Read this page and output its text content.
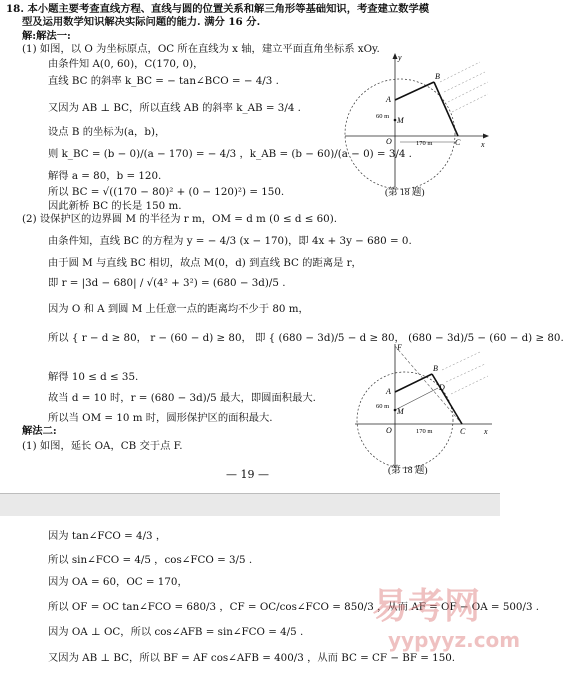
18. 本小题主要考查直线方程、直线与圆的位置关系和解三角形等基础知识，考查建立数学模
型及运用数学知识解决实际问题的能力. 满分 16 分.
解:解法一:
(1) 如图，以 O 为坐标原点，OC 所在直线为 x 轴，建立平面直角坐标系 xOy.
由条件知 A(0, 60)，C(170, 0)，
直线 BC 的斜率 k_BC = − tan∠BCO = − 4/3 .
又因为 AB ⊥ BC，所以直线 AB 的斜率 k_AB = 3/4 .
设点 B 的坐标为(a，b)，
则 k_BC = (b − 0)/(a − 170) = − 4/3 ，k_AB = (b − 60)/(a − 0) = 3/4 .
解得 a = 80，b = 120.
所以 BC = √((170 − 80)² + (0 − 120)²) = 150.
因此新桥 BC 的长是 150 m.
(2) 设保护区的边界圆 M 的半径为 r m，OM = d m (0 ≤ d ≤ 60).
由条件知，直线 BC 的方程为 y = − 4/3 (x − 170)，即 4x + 3y − 680 = 0.
由于圆 M 与直线 BC 相切，故点 M(0，d) 到直线 BC 的距离是 r，
即 r = |3d − 680| / √(4² + 3²) = (680 − 3d)/5 .
因为 O 和 A 到圆 M 上任意一点的距离均不少于 80 m，
所以 { r − d ≥ 80， r − (60 − d) ≥ 80， 即 { (680 − 3d)/5 − d ≥ 80， (680 − 3d)/5 − (60 − d) ≥ 80.
解得 10 ≤ d ≤ 35.
故当 d = 10 时，r = (680 − 3d)/5 最大，即圆面积最大.
所以当 OM = 10 m 时，圆形保护区的面积最大.
解法二:
(1) 如图，延长 OA，CB 交于点 F.
— 19 —
y
B
A
60 m M
O	170 m	C	x
(第 18 题)
F
B
A
60 m
M
D
O	170 m	C x
(第 18 题)
因为 tan∠FCO = 4/3 ，
所以 sin∠FCO = 4/5 ，cos∠FCO = 3/5 .
因为 OA = 60，OC = 170，
所以 OF = OC tan∠FCO = 680/3 ，CF = OC/cos∠FCO = 850/3 ，从而 AF = OF − OA = 500/3 .
因为 OA ⊥ OC，所以 cos∠AFB = sin∠FCO = 4/5 .
又因为 AB ⊥ BC，所以 BF = AF cos∠AFB = 400/3 ，从而 BC = CF − BF = 150.
易考网
yypyyz.com
